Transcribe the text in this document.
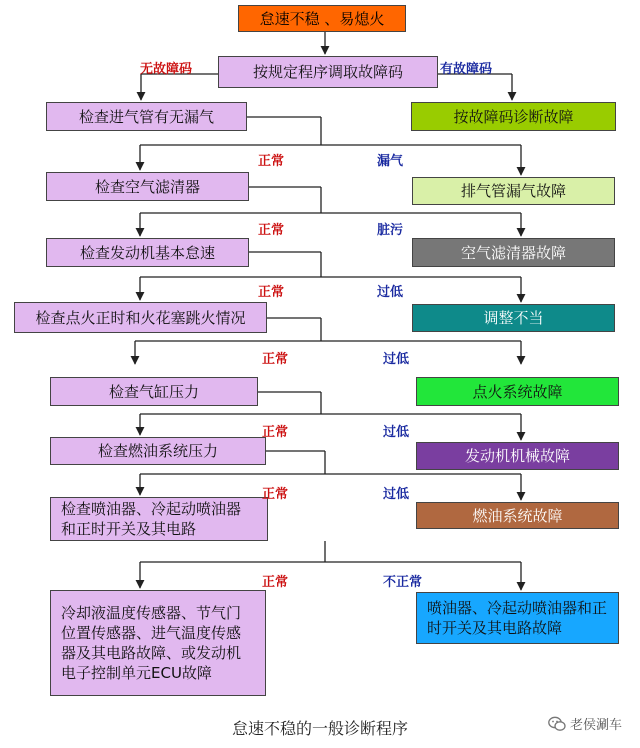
怠速不稳 、易熄火
按规定程序调取故障码
检查进气管有无漏气
检查空气滤清器
检查发动机基本怠速
检查点火正时和火花塞跳火情况
检查气缸压力
检查燃油系统压力
检查喷油器、冷起动喷油器和正时开关及其电路
冷却液温度传感器、节气门位置传感器、进气温度传感器及其电路故障、或发动机电子控制单元ECU故障
按故障码诊断故障
排气管漏气故障
空气滤清器故障
调整不当
点火系统故障
发动机机械故障
燃油系统故障
喷油器、冷起动喷油器和正时开关及其电路故障
无故障码	有故障码
正常	漏气
正常	脏污
正常	过低
正常	过低
正常	过低
正常	过低
正常	不正常
怠速不稳的一般诊断程序	老侯涮车
